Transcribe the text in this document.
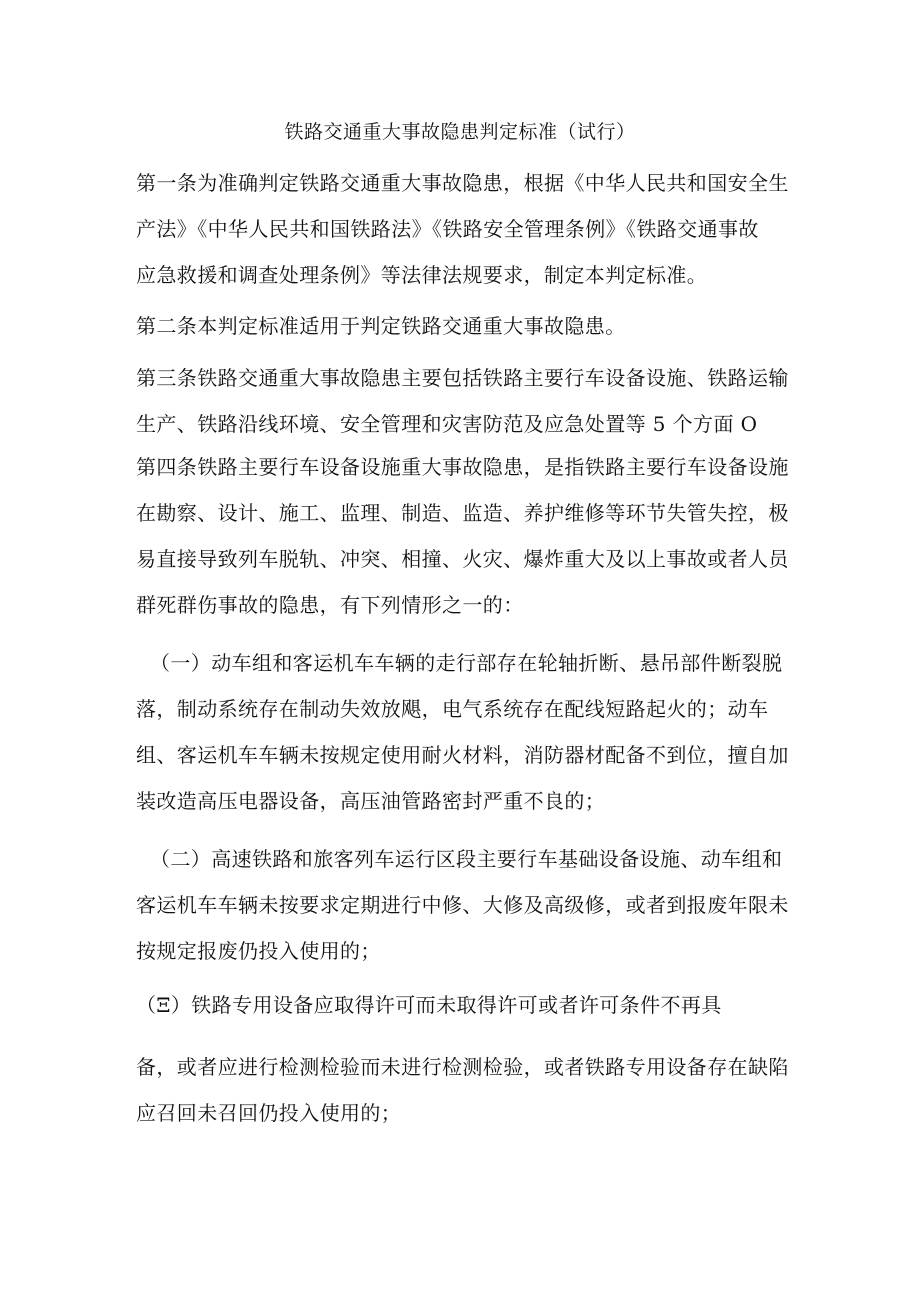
铁路交通重大事故隐患判定标准（试行）
第一条为准确判定铁路交通重大事故隐患，根据《中华人民共和国安全生
产法》《中华人民共和国铁路法》《铁路安全管理条例》《铁路交通事故
应急救援和调查处理条例》等法律法规要求，制定本判定标准。
第二条本判定标准适用于判定铁路交通重大事故隐患。
第三条铁路交通重大事故隐患主要包括铁路主要行车设备设施、铁路运输
生产、铁路沿线环境、安全管理和灾害防范及应急处置等 5 个方面 O
第四条铁路主要行车设备设施重大事故隐患，是指铁路主要行车设备设施
在勘察、设计、施工、监理、制造、监造、养护维修等环节失管失控，极
易直接导致列车脱轨、冲突、相撞、火灾、爆炸重大及以上事故或者人员
群死群伤事故的隐患，有下列情形之一的：
（一）动车组和客运机车车辆的走行部存在轮轴折断、悬吊部件断裂脱
落，制动系统存在制动失效放飓，电气系统存在配线短路起火的；动车
组、客运机车车辆未按规定使用耐火材料，消防器材配备不到位，擅自加
装改造高压电器设备，高压油管路密封严重不良的；
（二）高速铁路和旅客列车运行区段主要行车基础设备设施、动车组和
客运机车车辆未按要求定期进行中修、大修及高级修，或者到报废年限未
按规定报废仍投入使用的；
（Ξ）铁路专用设备应取得许可而未取得许可或者许可条件不再具
备，或者应进行检测检验而未进行检测检验，或者铁路专用设备存在缺陷
应召回未召回仍投入使用的；
